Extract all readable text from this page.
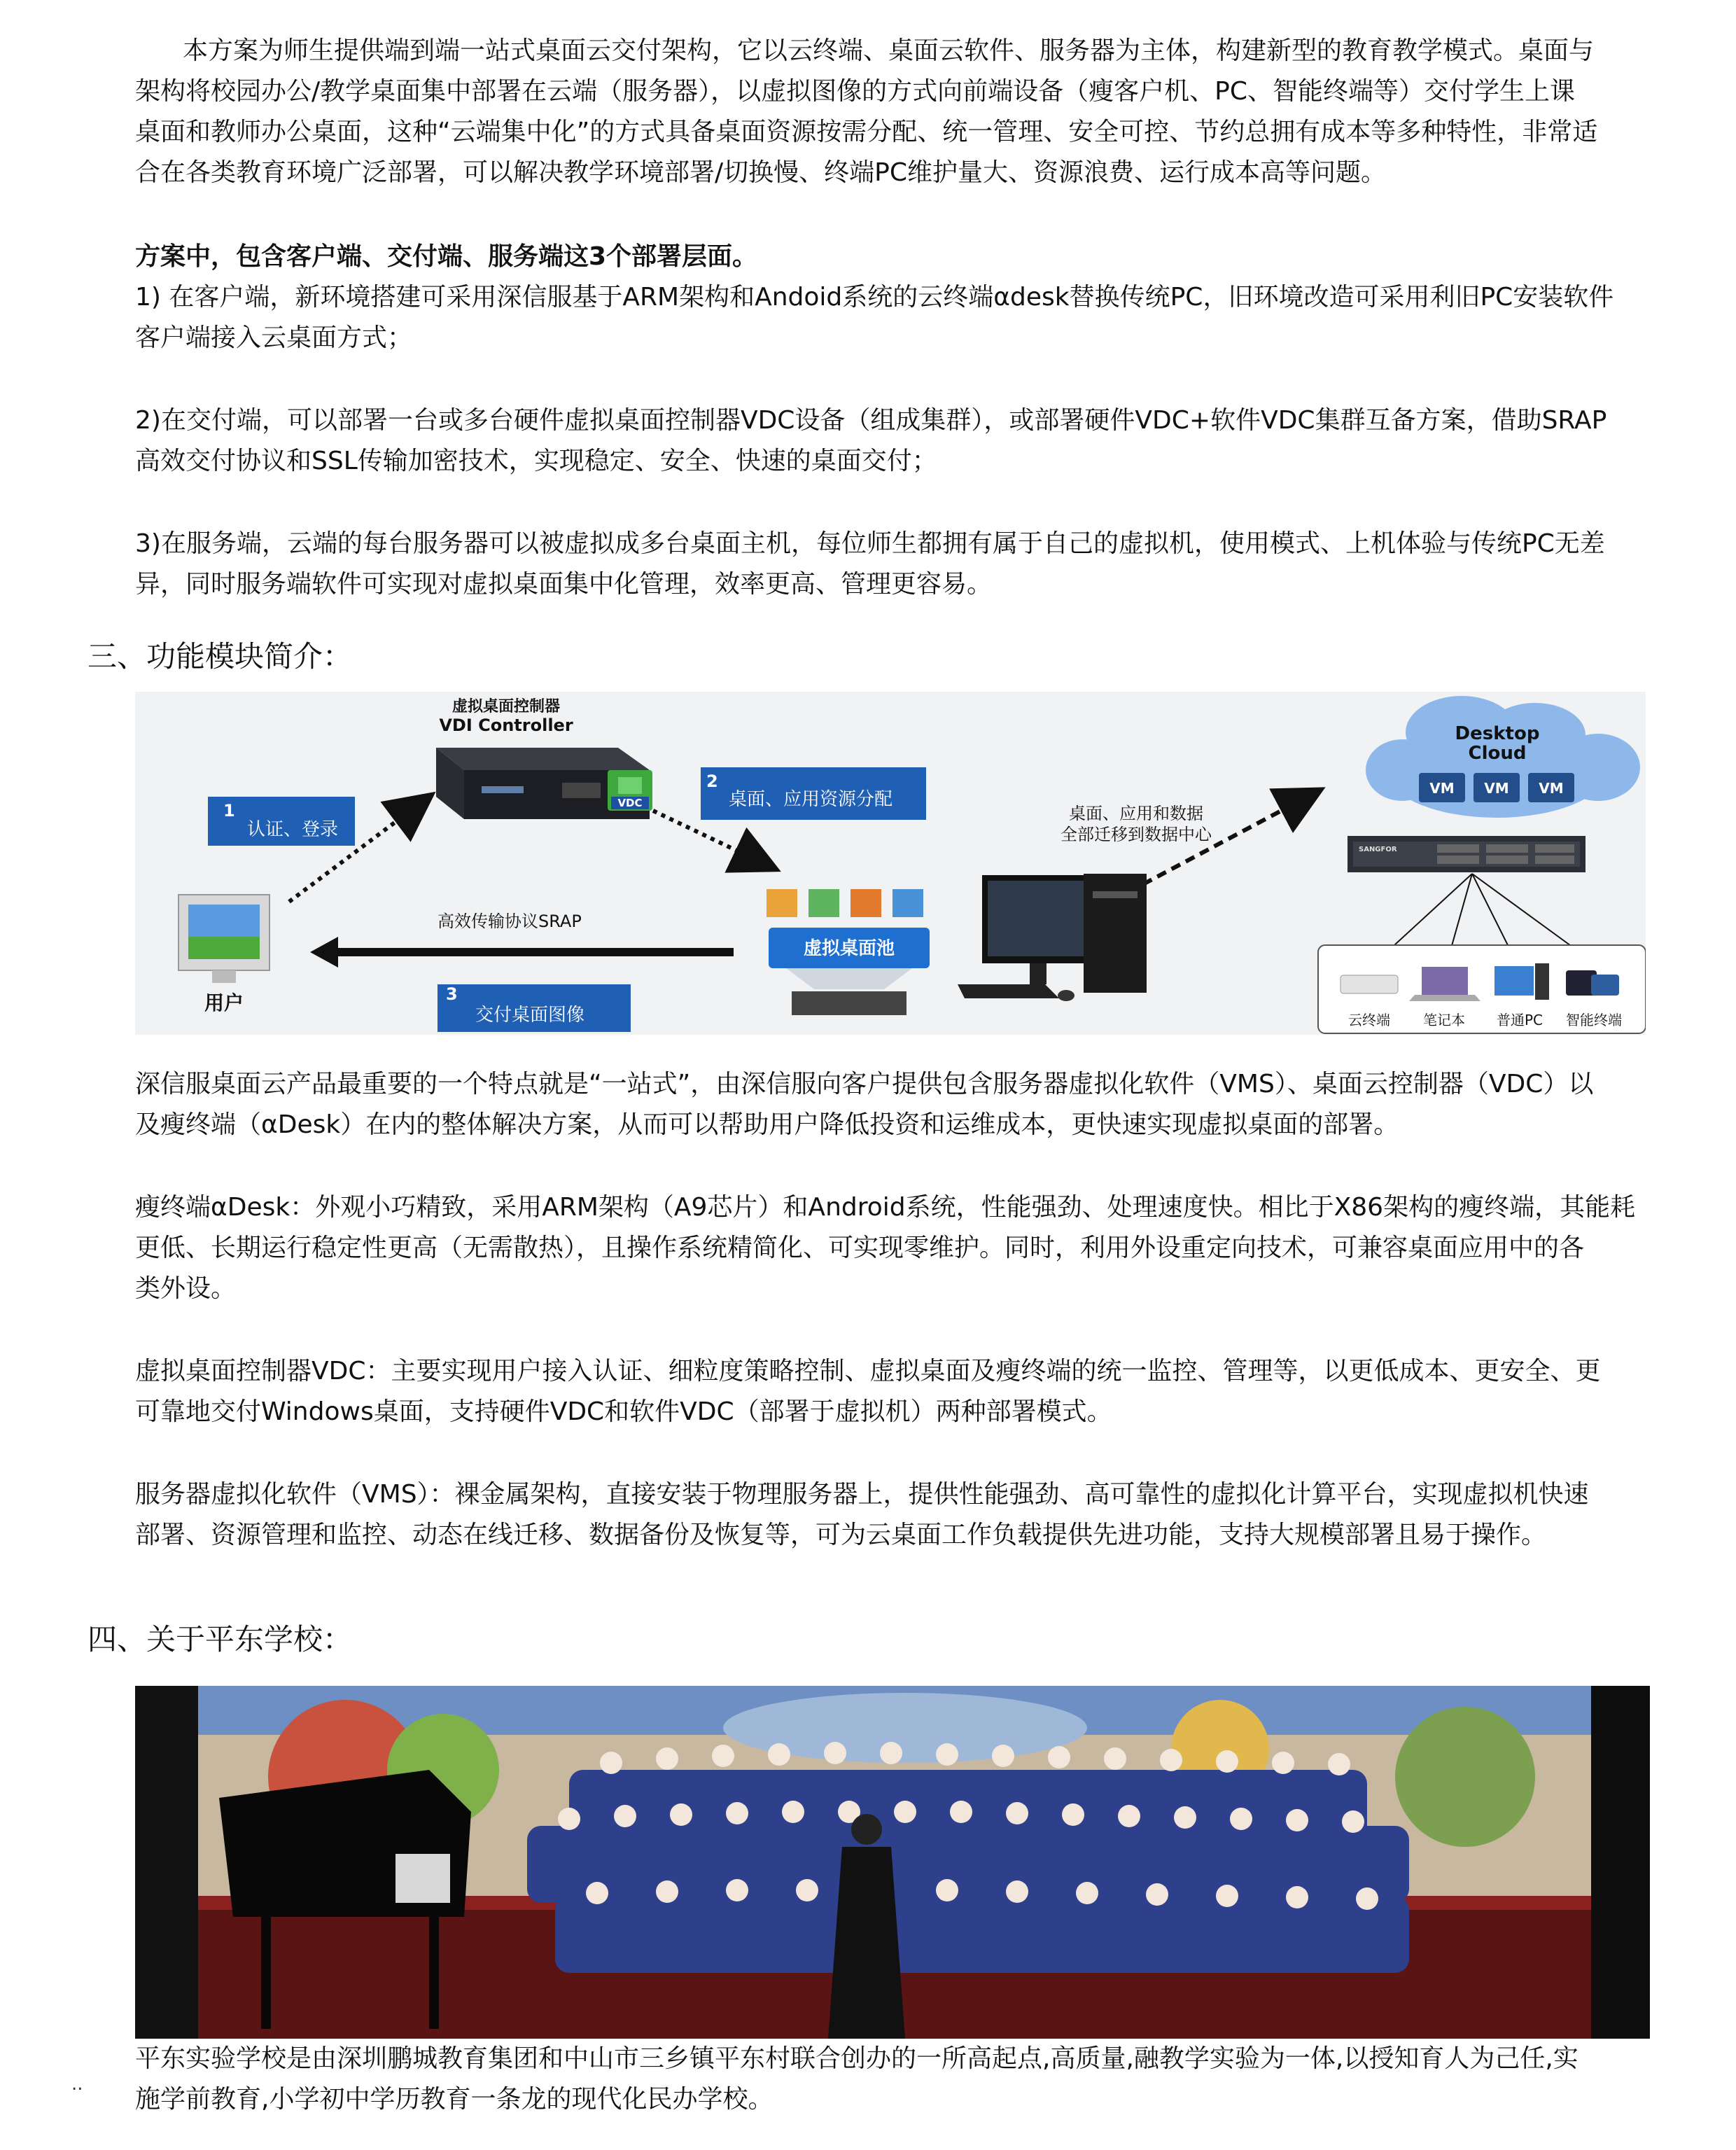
本方案为师生提供端到端一站式桌面云交付架构，它以云终端、桌面云软件、服务器为主体，构建新型的教育教学模式。桌面与
架构将校园办公/教学桌面集中部署在云端（服务器），以虚拟图像的方式向前端设备（瘦客户机、PC、智能终端等）交付学生上课
桌面和教师办公桌面，这种“云端集中化”的方式具备桌面资源按需分配、统一管理、安全可控、节约总拥有成本等多种特性，非常适
合在各类教育环境广泛部署，可以解决教学环境部署/切换慢、终端PC维护量大、资源浪费、运行成本高等问题。
方案中，包含客户端、交付端、服务端这3个部署层面。
1) 在客户端，新环境搭建可采用深信服基于ARM架构和Andoid系统的云终端αdesk替换传统PC，旧环境改造可采用利旧PC安装软件
客户端接入云桌面方式；
2)在交付端，可以部署一台或多台硬件虚拟桌面控制器VDC设备（组成集群），或部署硬件VDC+软件VDC集群互备方案，借助SRAP
高效交付协议和SSL传输加密技术，实现稳定、安全、快速的桌面交付；
3)在服务端，云端的每台服务器可以被虚拟成多台桌面主机，每位师生都拥有属于自己的虚拟机，使用模式、上机体验与传统PC无差
异，同时服务端软件可实现对虚拟桌面集中化管理，效率更高、管理更容易。
三、功能模块简介：
虚拟桌面控制器
VDI Controller
VDC
1
认证、登录
2
桌面、应用资源分配
3
交付桌面图像
高效传输协议SRAP
用户
虚拟桌面池
桌面、应用和数据
全部迁移到数据中心
Desktop
Cloud
VM VM VM
SANGFOR
云终端 笔记本 普通PC 智能终端
深信服桌面云产品最重要的一个特点就是“一站式”，由深信服向客户提供包含服务器虚拟化软件（VMS）、桌面云控制器（VDC）以
及瘦终端（αDesk）在内的整体解决方案，从而可以帮助用户降低投资和运维成本，更快速实现虚拟桌面的部署。
瘦终端αDesk：外观小巧精致，采用ARM架构（A9芯片）和Android系统，性能强劲、处理速度快。相比于X86架构的瘦终端，其能耗
更低、长期运行稳定性更高（无需散热），且操作系统精简化、可实现零维护。同时，利用外设重定向技术，可兼容桌面应用中的各
类外设。
虚拟桌面控制器VDC：主要实现用户接入认证、细粒度策略控制、虚拟桌面及瘦终端的统一监控、管理等，以更低成本、更安全、更
可靠地交付Windows桌面，支持硬件VDC和软件VDC（部署于虚拟机）两种部署模式。
服务器虚拟化软件（VMS）：裸金属架构，直接安装于物理服务器上，提供性能强劲、高可靠性的虚拟化计算平台，实现虚拟机快速
部署、资源管理和监控、动态在线迁移、数据备份及恢复等，可为云桌面工作负载提供先进功能，支持大规模部署且易于操作。
四、关于平东学校：
平东实验学校是由深圳鹏城教育集团和中山市三乡镇平东村联合创办的一所高起点,高质量,融教学实验为一体,以授知育人为己任,实
施学前教育,小学初中学历教育一条龙的现代化民办学校。
..
